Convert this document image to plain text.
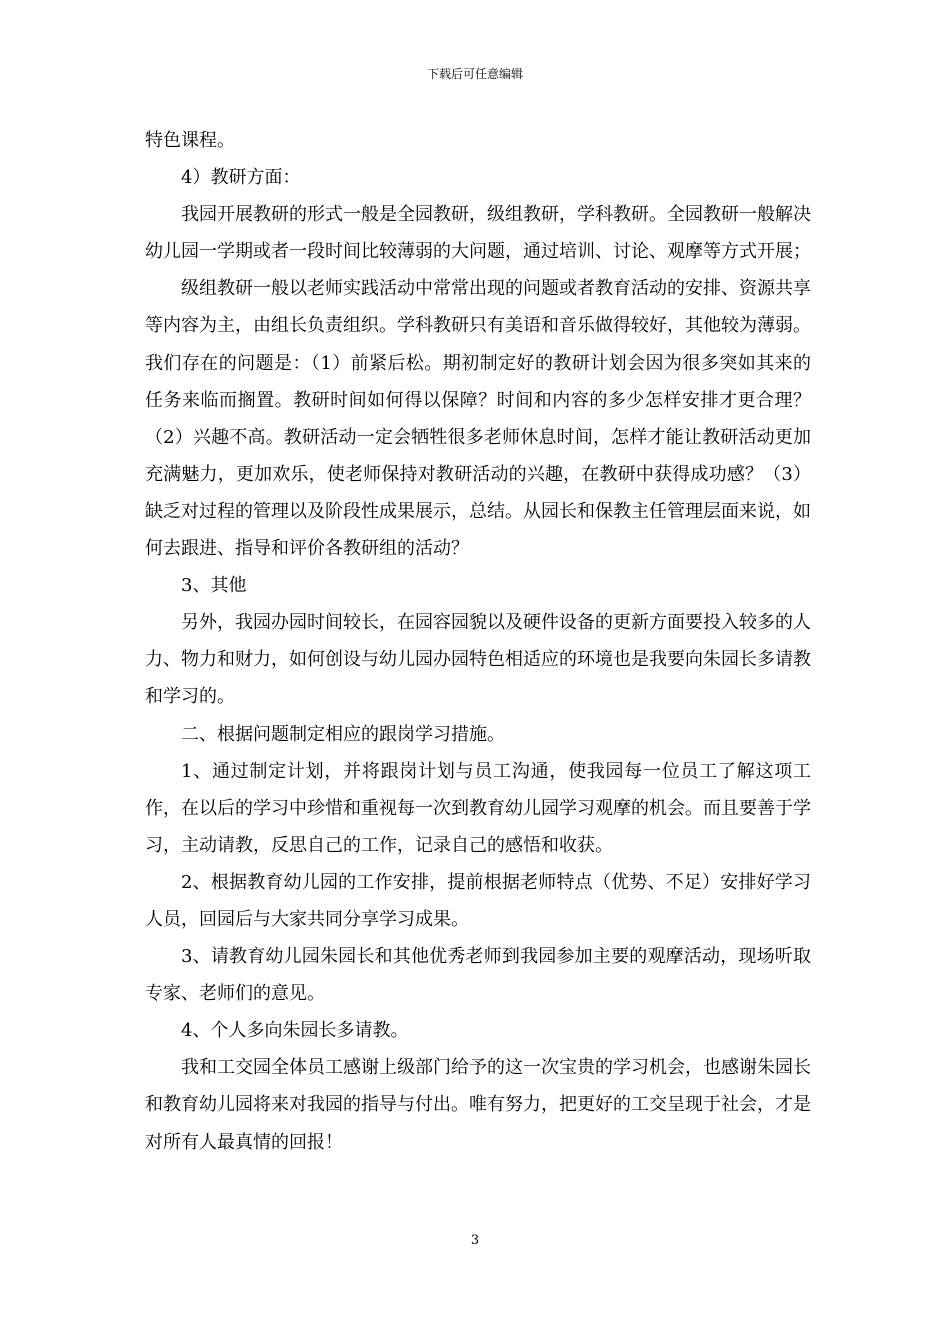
下载后可任意编辑

特色课程。

4）教研方面：

我园开展教研的形式一般是全园教研，级组教研，学科教研。全园教研一般解决幼儿园一学期或者一段时间比较薄弱的大问题，通过培训、讨论、观摩等方式开展；

级组教研一般以老师实践活动中常常出现的问题或者教育活动的安排、资源共享等内容为主，由组长负责组织。学科教研只有美语和音乐做得较好，其他较为薄弱。我们存在的问题是：（1）前紧后松。期初制定好的教研计划会因为很多突如其来的任务来临而搁置。教研时间如何得以保障？时间和内容的多少怎样安排才更合理？（2）兴趣不高。教研活动一定会牺牲很多老师休息时间，怎样才能让教研活动更加充满魅力，更加欢乐，使老师保持对教研活动的兴趣，在教研中获得成功感？（3）缺乏对过程的管理以及阶段性成果展示，总结。从园长和保教主任管理层面来说，如何去跟进、指导和评价各教研组的活动？

3、其他

另外，我园办园时间较长，在园容园貌以及硬件设备的更新方面要投入较多的人力、物力和财力，如何创设与幼儿园办园特色相适应的环境也是我要向朱园长多请教和学习的。

二、根据问题制定相应的跟岗学习措施。

1、通过制定计划，并将跟岗计划与员工沟通，使我园每一位员工了解这项工作，在以后的学习中珍惜和重视每一次到教育幼儿园学习观摩的机会。而且要善于学习，主动请教，反思自己的工作，记录自己的感悟和收获。

2、根据教育幼儿园的工作安排，提前根据老师特点（优势、不足）安排好学习人员，回园后与大家共同分享学习成果。

3、请教育幼儿园朱园长和其他优秀老师到我园参加主要的观摩活动，现场听取专家、老师们的意见。

4、个人多向朱园长多请教。

我和工交园全体员工感谢上级部门给予的这一次宝贵的学习机会，也感谢朱园长和教育幼儿园将来对我园的指导与付出。唯有努力，把更好的工交呈现于社会，才是对所有人最真情的回报！

3
